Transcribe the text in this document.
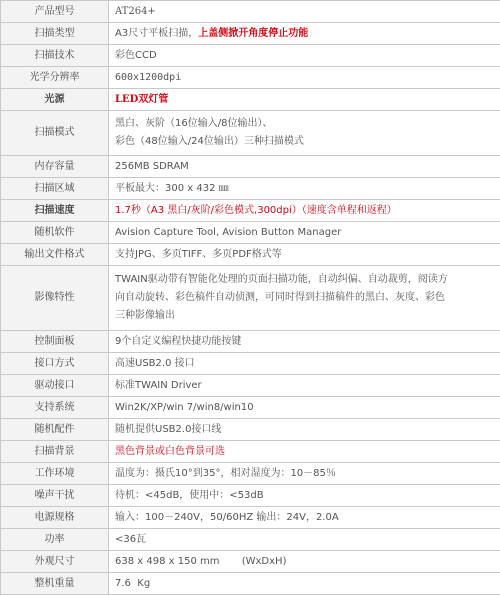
产品型号	AT264+
扫描类型	A3尺寸平板扫描，上盖侧掀开角度停止功能
扫描技术	彩色CCD
光学分辨率	600x1200dpi
光源	LED双灯管
扫描模式	黑白、灰阶（16位输入/8位输出）、
彩色（48位输入/24位输出）三种扫描模式

内存容量	256MB SDRAM
扫描区域	平板最大：300 x 432 ㎜
扫描速度	1.7秒（A3 黑白/灰阶/彩色模式,300dpi）（速度含单程和返程）
随机软件	Avision Capture Tool, Avision Button Manager
输出文件格式	支持JPG、多页TIFF、多页PDF格式等
影像特性	TWAIN驱动带有智能化处理的页面扫描功能，自动纠偏、自动裁剪，阅读方
向自动旋转、彩色稿件自动侦测，可同时得到扫描稿件的黑白、灰度、彩色
三种影像输出

控制面板	9个自定义编程快捷功能按键
接口方式	高速USB2.0 接口
驱动接口	标准TWAIN Driver
支持系统	Win2K/XP/win 7/win8/win10
随机配件	随机提供USB2.0接口线
扫描背景	黑色背景或白色背景可选
工作环境	温度为：摄氏10°到35°，相对湿度为：10－85％
噪声干扰	待机：<45dB，使用中：<53dB
电源规格	输入：100－240V，50/60HZ 输出：24V，2.0A
功率	<36瓦
外观尺寸	638 x 498 x 150 mm       (WxDxH)
整机重量	7.6  Kg
